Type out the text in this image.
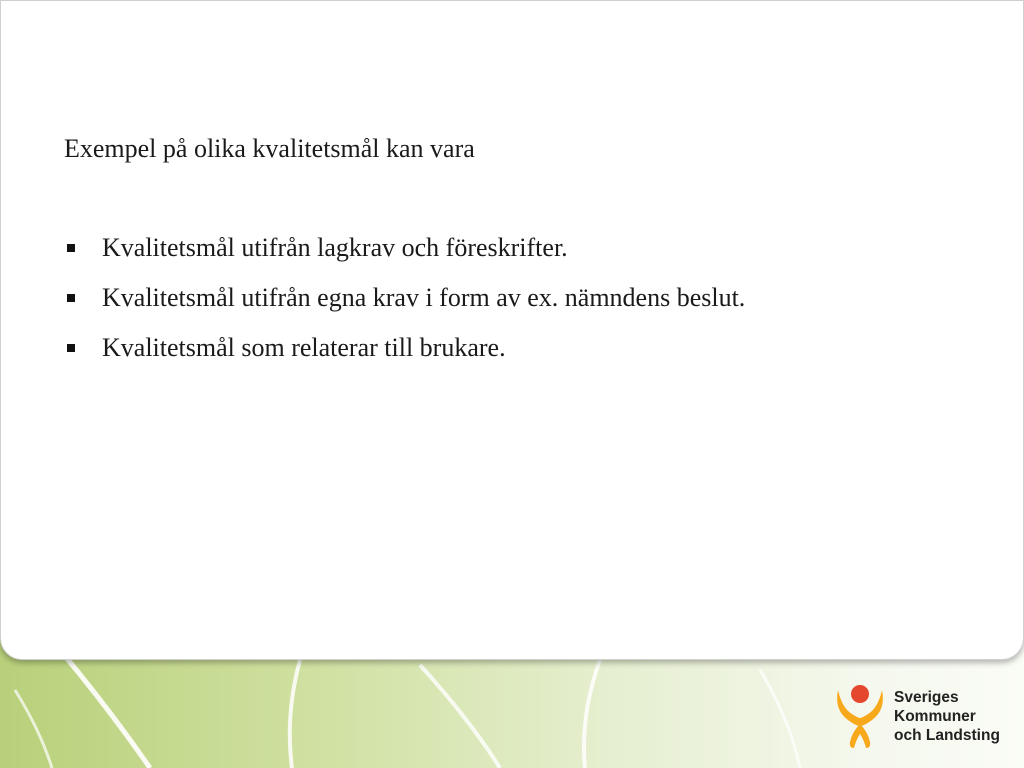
Exempel på olika kvalitetsmål kan vara
Kvalitetsmål utifrån lagkrav och föreskrifter.
Kvalitetsmål utifrån egna krav i form av ex. nämndens beslut.
Kvalitetsmål som relaterar till brukare.
Sveriges
Kommuner
och Landsting
